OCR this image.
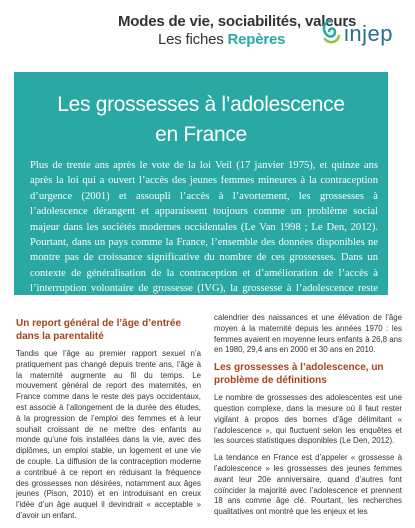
Modes de vie, sociabilités, valeurs
Les fiches Repères	injep
Les grossesses à l’adolescence
en France

Plus de trente ans après le vote de la loi Veil (17 janvier 1975), et quinze ans après la loi qui a ouvert l’accès des jeunes femmes mineures à la contraception d’urgence (2001) et assoupli l’accès à l’avortement, les grossesses à l’adolescence dérangent et apparaissent toujours comme un problème social majeur dans les sociétés modernes occidentales (Le Van 1998 ; Le Den, 2012). Pourtant, dans un pays comme la France, l’ensemble des données disponibles ne montre pas de croissance significative du nombre de ces grossesses. Dans un contexte de généralisation de la contraception et d’amélioration de l’accès à l’interruption volontaire de grossesse (IVG), la grossesse à l’adolescence reste socialement perçue comme un comportement déviant.

Un report général de l’âge d’entrée dans la parentalité

Tandis que l’âge au premier rapport sexuel n’a pratiquement pas changé depuis trente ans, l’âge à la maternité augmente au fil du temps. Le mouvement général de report des maternités, en France comme dans le reste des pays occidentaux, est associé à l’allongement de la durée des études, à la progression de l’emploi des femmes et à leur souhait croissant de ne mettre des enfants au monde qu’une fois installées dans la vie, avec des diplômes, un emploi stable, un logement et une vie de couple. La diffusion de la contraception moderne a contribué à ce report en réduisant la fréquence des grossesses non désirées, notamment aux âges jeunes (Pison, 2010) et en introduisant en creux l’idée d’un âge auquel il devindrait « acceptable » d’avoir un enfant.

calendrier des naissances et une élévation de l’âge moyen à la maternité depuis les années 1970 : les femmes avaient en moyenne leurs enfants à 26,8 ans en 1980, 29,4 ans en 2000 et 30 ans en 2010.

Les grossesses à l’adolescence, un problème de définitions

Le nombre de grossesses des adolescentes est une question complexe, dans la mesure où il faut rester vigilant à propos des bornes d’âge délimitant « l’adolescence », qui fluctuent selon les enquêtes et les sources statistiques disponibles (Le Den, 2012).

La tendance en France est d’appeler « grossesse à l’adolescence » les grossesses des jeunes femmes avant leur 20e anniversaire, quand d’autres font coïncider la majorité avec l’adolescence et prennent 18 ans comme âge clé. Pourtant, les recherches qualitatives ont montré que les enjeux et les
